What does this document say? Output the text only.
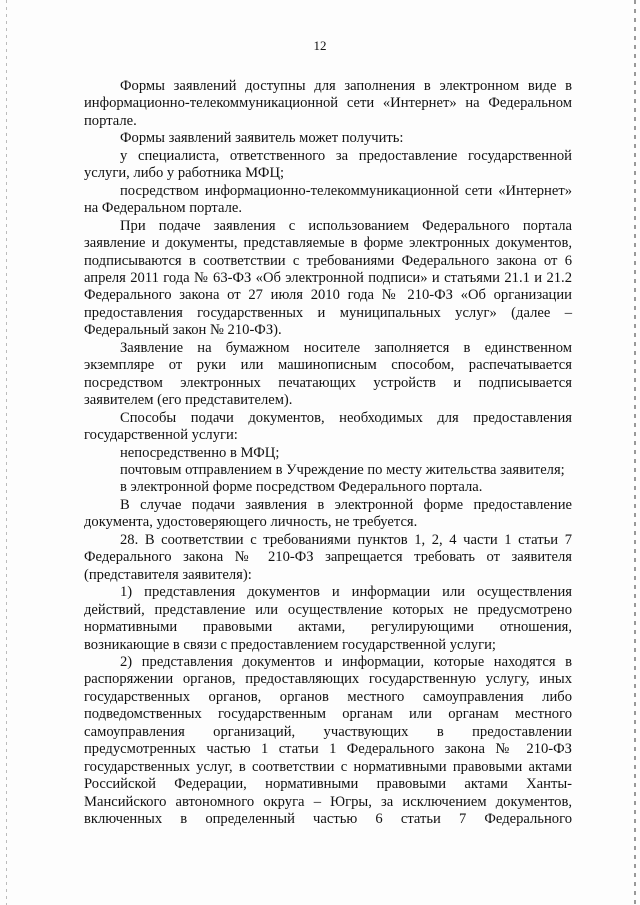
12

Формы заявлений доступны для заполнения в электронном виде в информационно-телекоммуникационной сети «Интернет» на Федеральном портале.

Формы заявлений заявитель может получить:

у специалиста, ответственного за предоставление государственной услуги, либо у работника МФЦ;

посредством информационно-телекоммуникационной сети «Интернет» на Федеральном портале.

При подаче заявления с использованием Федерального портала заявление и документы, представляемые в форме электронных документов, подписываются в соответствии с требованиями Федерального закона от 6 апреля 2011 года № 63-ФЗ «Об электронной подписи» и статьями 21.1 и 21.2 Федерального закона от 27 июля 2010 года № 210-ФЗ «Об организации предоставления государственных и муниципальных услуг» (далее – Федеральный закон № 210-ФЗ).

Заявление на бумажном носителе заполняется в единственном экземпляре от руки или машинописным способом, распечатывается посредством электронных печатающих устройств и подписывается заявителем (его представителем).

Способы подачи документов, необходимых для предоставления государственной услуги:

непосредственно в МФЦ;

почтовым отправлением в Учреждение по месту жительства заявителя;

в электронной форме посредством Федерального портала.

В случае подачи заявления в электронной форме предоставление документа, удостоверяющего личность, не требуется.

28. В соответствии с требованиями пунктов 1, 2, 4 части 1 статьи 7 Федерального закона № 210-ФЗ запрещается требовать от заявителя (представителя заявителя):

1) представления документов и информации или осуществления действий, представление или осуществление которых не предусмотрено нормативными правовыми актами, регулирующими отношения, возникающие в связи с предоставлением государственной услуги;

2) представления документов и информации, которые находятся в распоряжении органов, предоставляющих государственную услугу, иных государственных органов, органов местного самоуправления либо подведомственных государственным органам или органам местного самоуправления организаций, участвующих в предоставлении предусмотренных частью 1 статьи 1 Федерального закона № 210-ФЗ государственных услуг, в соответствии с нормативными правовыми актами Российской Федерации, нормативными правовыми актами Ханты-Мансийского автономного округа – Югры, за исключением документов, включенных в определенный частью 6 статьи 7 Федерального
